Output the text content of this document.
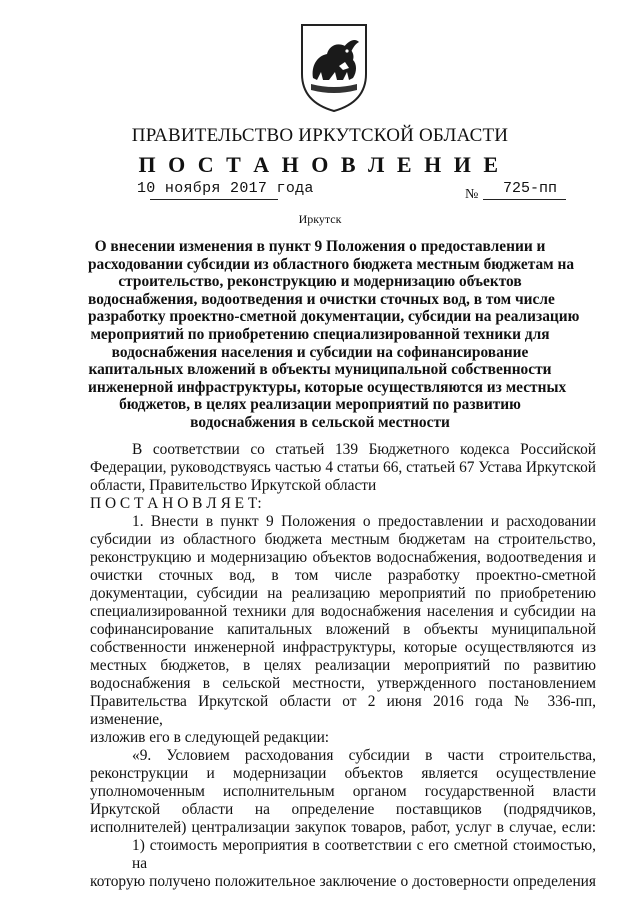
ПРАВИТЕЛЬСТВО ИРКУТСКОЙ ОБЛАСТИ
П О С Т А Н О В Л Е Н И Е
10 ноября 2017 года	№	725-пп
Иркутск

О внесении изменения в пункт 9 Положения о предоставлении и

расходовании субсидии из областного бюджета местным бюджетам на

строительство, реконструкцию и модернизацию объектов

водоснабжения, водоотведения и очистки сточных вод, в том числе

разработку проектно-сметной документации, субсидии на реализацию

мероприятий по приобретению специализированной техники для

водоснабжения населения и субсидии на софинансирование

капитальных вложений в объекты муниципальной собственности

инженерной инфраструктуры, которые осуществляются из местных

бюджетов, в целях реализации мероприятий по развитию

водоснабжения в сельской местности

В соответствии со статьей 139 Бюджетного кодекса Российской

Федерации, руководствуясь частью 4 статьи 66, статьей 67 Устава Иркутской

области, Правительство Иркутской области

П О С Т А Н О В Л Я Е Т:

1. Внести в пункт 9 Положения о предоставлении и расходовании

субсидии из областного бюджета местным бюджетам на строительство,

реконструкцию и модернизацию объектов водоснабжения, водоотведения и

очистки сточных вод, в том числе разработку проектно-сметной

документации, субсидии на реализацию мероприятий по приобретению

специализированной техники для водоснабжения населения и субсидии на

софинансирование капитальных вложений в объекты муниципальной

собственности инженерной инфраструктуры, которые осуществляются из

местных бюджетов, в целях реализации мероприятий по развитию

водоснабжения в сельской местности, утвержденного постановлением

Правительства Иркутской области от 2 июня 2016 года № 336-пп, изменение,

изложив его в следующей редакции:

«9. Условием расходования субсидии в части строительства,

реконструкции и модернизации объектов является осуществление

уполномоченным исполнительным органом государственной власти

Иркутской области на определение поставщиков (подрядчиков,

исполнителей) централизации закупок товаров, работ, услуг в случае, если:

1) стоимость мероприятия в соответствии с его сметной стоимостью, на

которую получено положительное заключение о достоверности определения
